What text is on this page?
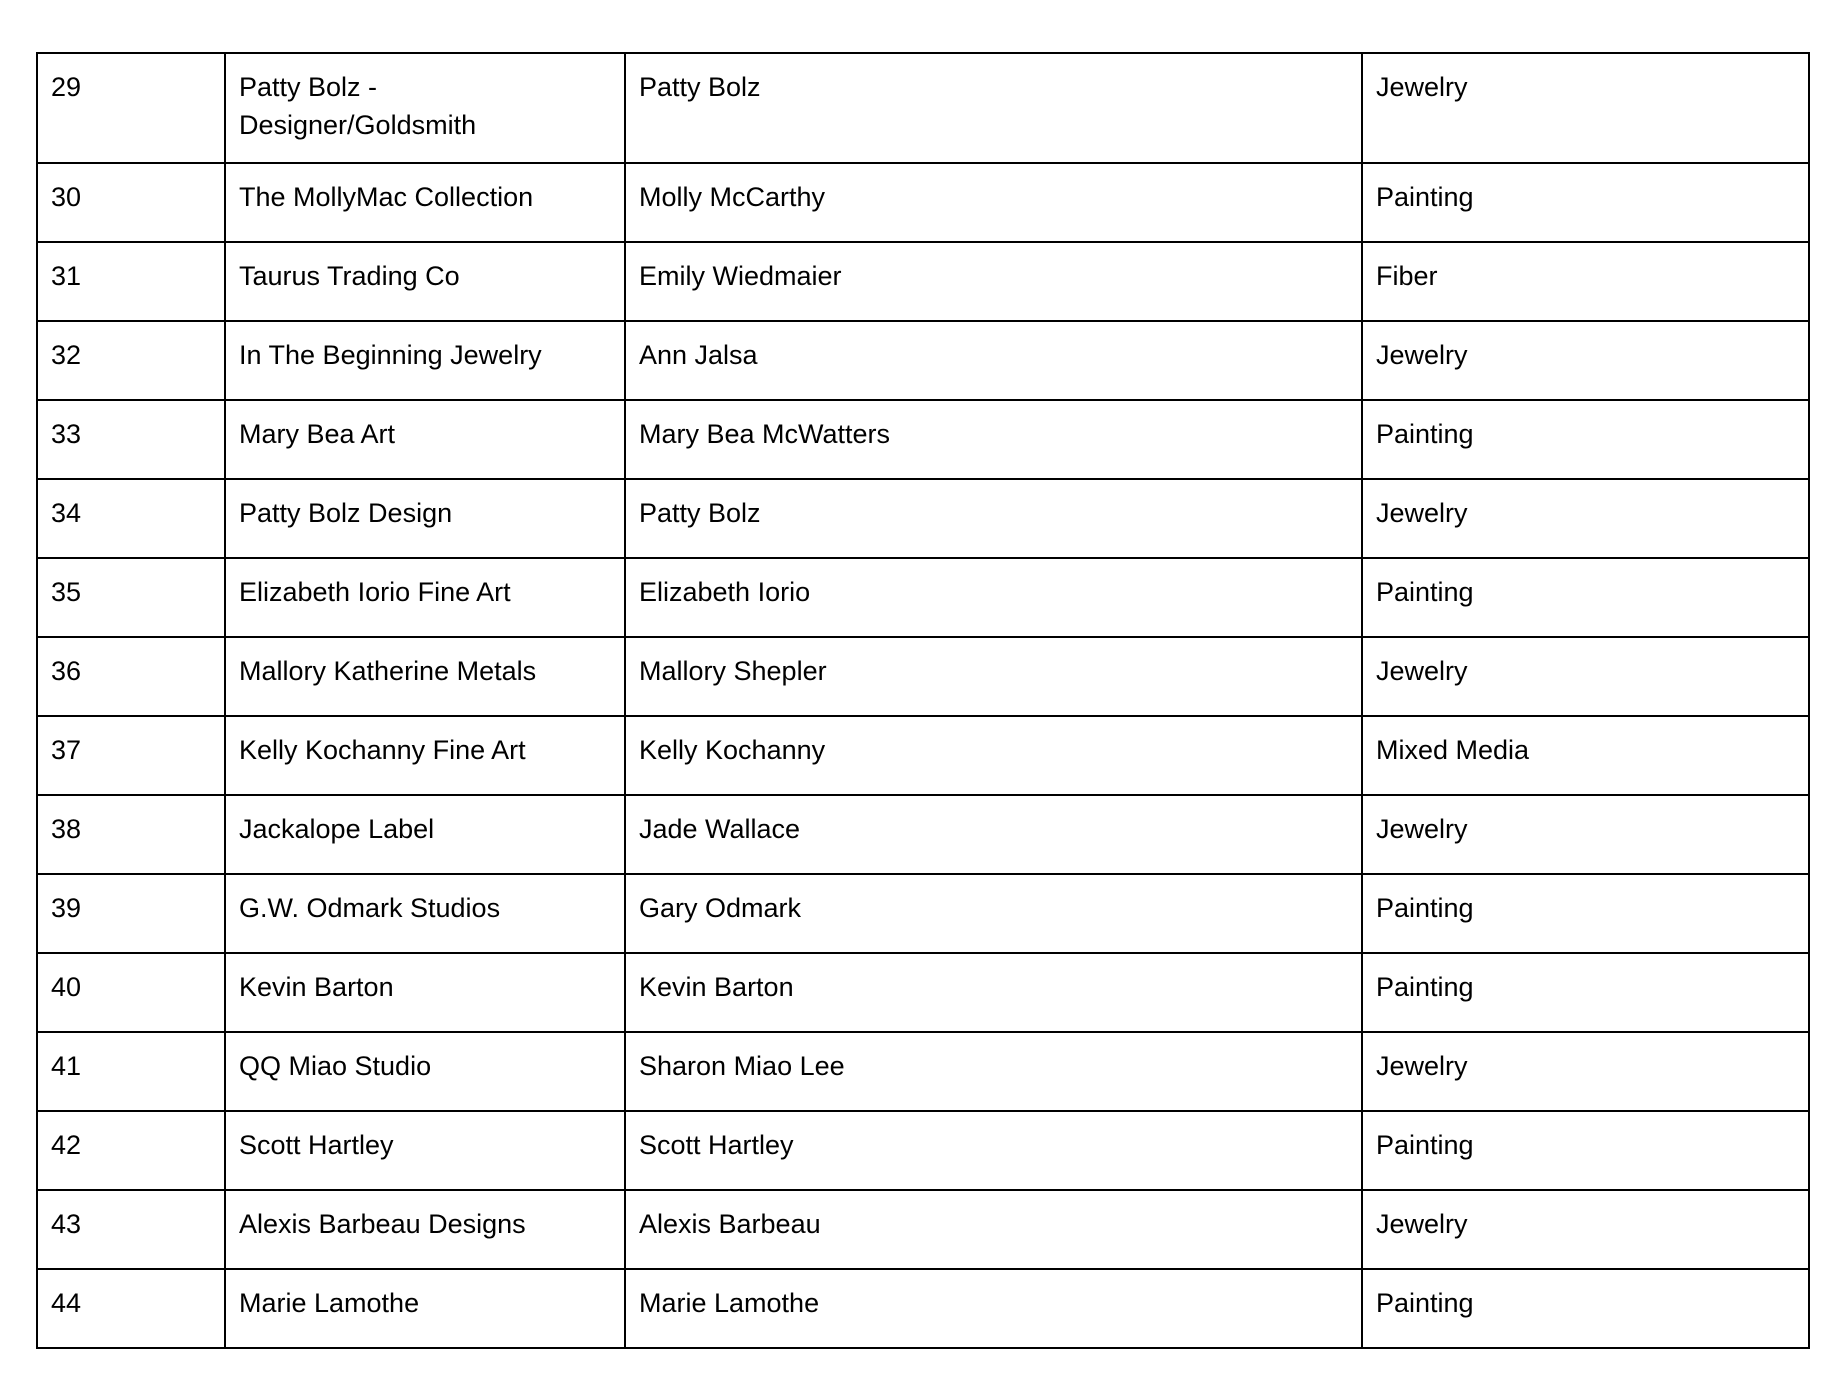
29	Patty Bolz - Designer/Goldsmith	Patty Bolz	Jewelry
30	The MollyMac Collection	Molly McCarthy	Painting
31	Taurus Trading Co	Emily Wiedmaier	Fiber
32	In The Beginning Jewelry	Ann Jalsa	Jewelry
33	Mary Bea Art	Mary Bea McWatters	Painting
34	Patty Bolz Design	Patty Bolz	Jewelry
35	Elizabeth Iorio Fine Art	Elizabeth Iorio	Painting
36	Mallory Katherine Metals	Mallory Shepler	Jewelry
37	Kelly Kochanny Fine Art	Kelly Kochanny	Mixed Media
38	Jackalope Label	Jade Wallace	Jewelry
39	G.W. Odmark Studios	Gary Odmark	Painting
40	Kevin Barton	Kevin Barton	Painting
41	QQ Miao Studio	Sharon Miao Lee	Jewelry
42	Scott Hartley	Scott Hartley	Painting
43	Alexis Barbeau Designs	Alexis Barbeau	Jewelry
44	Marie Lamothe	Marie Lamothe	Painting
